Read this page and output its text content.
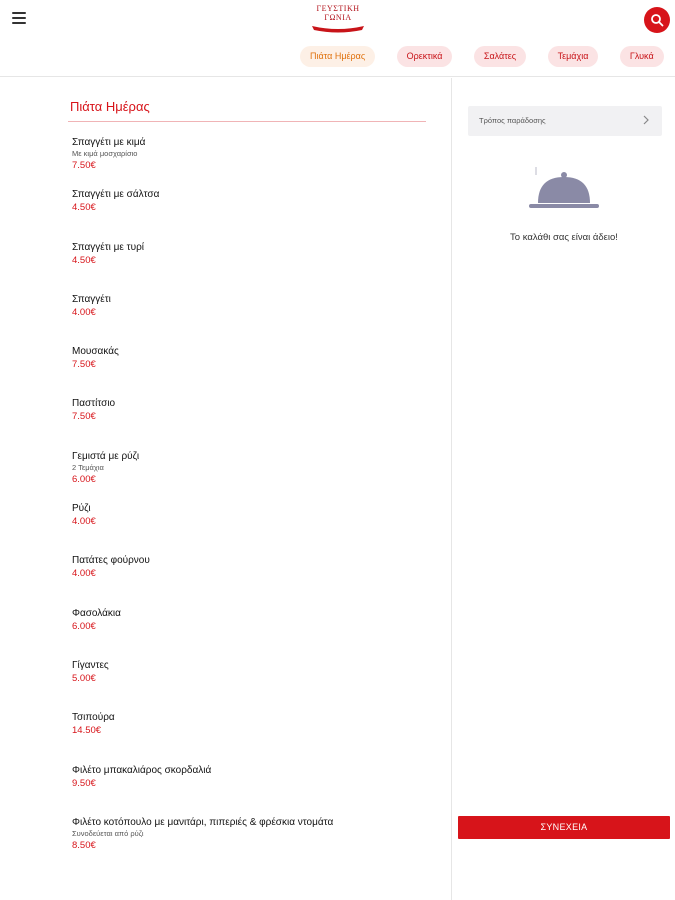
ΓΕΥΣΤΙΚΗ
ΓΩΝΙΑ
Πιάτα Ημέρας	Ορεκτικά	Σαλάτες	Τεμάχια	Γλυκά
Πιάτα Ημέρας
Σπαγγέτι με κιμά
Με κιμά μοσχαρίσιο
7.50€
Σπαγγέτι με σάλτσα
4.50€
Σπαγγέτι με τυρί
4.50€
Σπαγγέτι
4.00€
Μουσακάς
7.50€
Παστίτσιο
7.50€
Γεμιστά με ρύζι
2 Τεμάχια
6.00€
Ρύζι
4.00€
Πατάτες φούρνου
4.00€
Φασολάκια
6.00€
Γίγαντες
5.00€
Τσιπούρα
14.50€
Φιλέτο μπακαλιάρος σκορδαλιά
9.50€
Φιλέτο κοτόπουλο με μανιτάρι, πιπεριές & φρέσκια ντομάτα
Συνοδεύεται από ρύζι
8.50€
Τρόπος παράδοσης
Το καλάθι σας είναι άδειο!
ΣΥΝΕΧΕΙΑ
